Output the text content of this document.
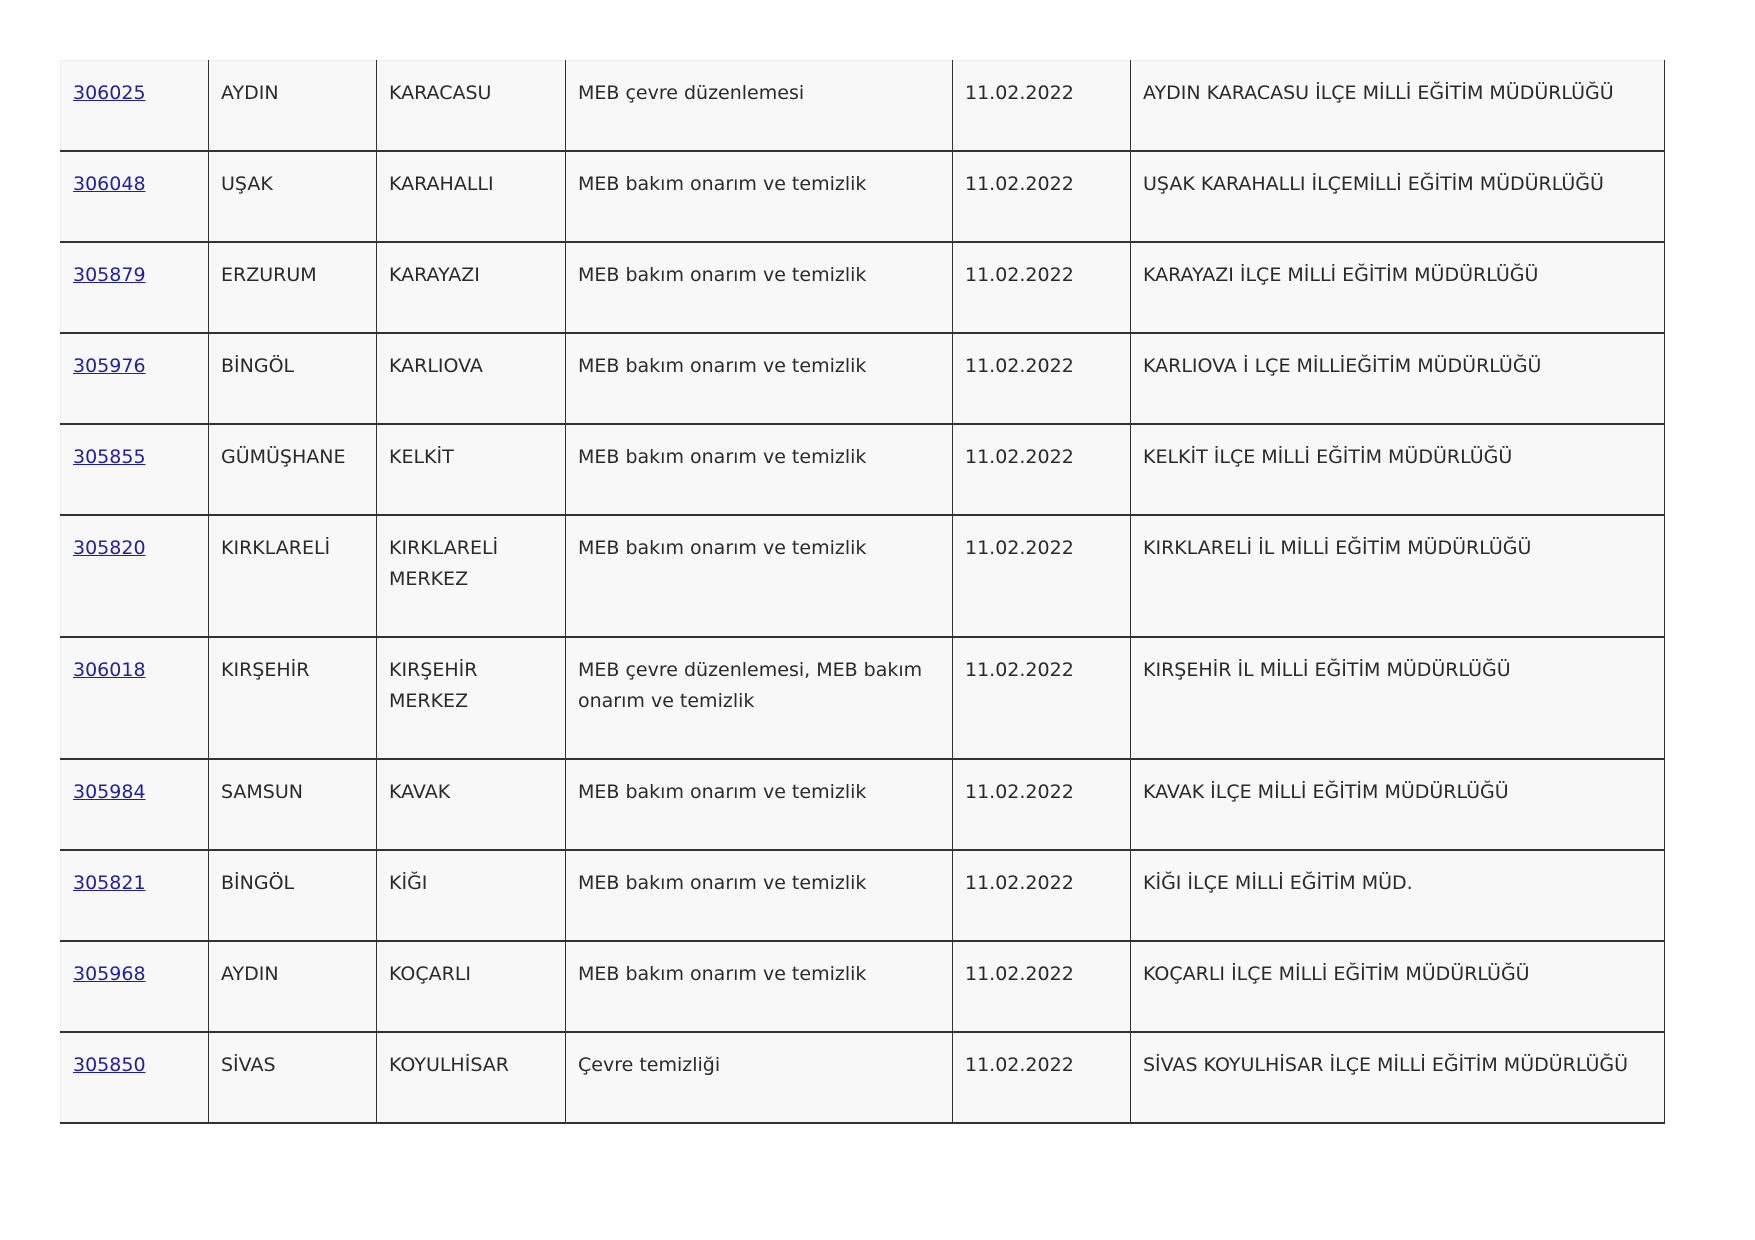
306025	AYDIN	KARACASU	MEB çevre düzenlemesi	11.02.2022	AYDIN KARACASU İLÇE MİLLİ EĞİTİM MÜDÜRLÜĞÜ
306048	UŞAK	KARAHALLI	MEB bakım onarım ve temizlik	11.02.2022	UŞAK KARAHALLI İLÇEMİLLİ EĞİTİM MÜDÜRLÜĞÜ
305879	ERZURUM	KARAYAZI	MEB bakım onarım ve temizlik	11.02.2022	KARAYAZI İLÇE MİLLİ EĞİTİM MÜDÜRLÜĞÜ
305976	BİNGÖL	KARLIOVA	MEB bakım onarım ve temizlik	11.02.2022	KARLIOVA İ LÇE MİLLİEĞİTİM MÜDÜRLÜĞÜ
305855	GÜMÜŞHANE	KELKİT	MEB bakım onarım ve temizlik	11.02.2022	KELKİT İLÇE MİLLİ EĞİTİM MÜDÜRLÜĞÜ
305820	KIRKLARELİ	KIRKLARELİ MERKEZ	MEB bakım onarım ve temizlik	11.02.2022	KIRKLARELİ İL MİLLİ EĞİTİM MÜDÜRLÜĞÜ
306018	KIRŞEHİR	KIRŞEHİR MERKEZ	MEB çevre düzenlemesi, MEB bakım onarım ve temizlik	11.02.2022	KIRŞEHİR İL MİLLİ EĞİTİM MÜDÜRLÜĞÜ
305984	SAMSUN	KAVAK	MEB bakım onarım ve temizlik	11.02.2022	KAVAK İLÇE MİLLİ EĞİTİM MÜDÜRLÜĞÜ
305821	BİNGÖL	KİĞI	MEB bakım onarım ve temizlik	11.02.2022	KİĞI İLÇE MİLLİ EĞİTİM MÜD.
305968	AYDIN	KOÇARLI	MEB bakım onarım ve temizlik	11.02.2022	KOÇARLI İLÇE MİLLİ EĞİTİM MÜDÜRLÜĞÜ
305850	SİVAS	KOYULHİSAR	Çevre temizliği	11.02.2022	SİVAS KOYULHİSAR İLÇE MİLLİ EĞİTİM MÜDÜRLÜĞÜ
